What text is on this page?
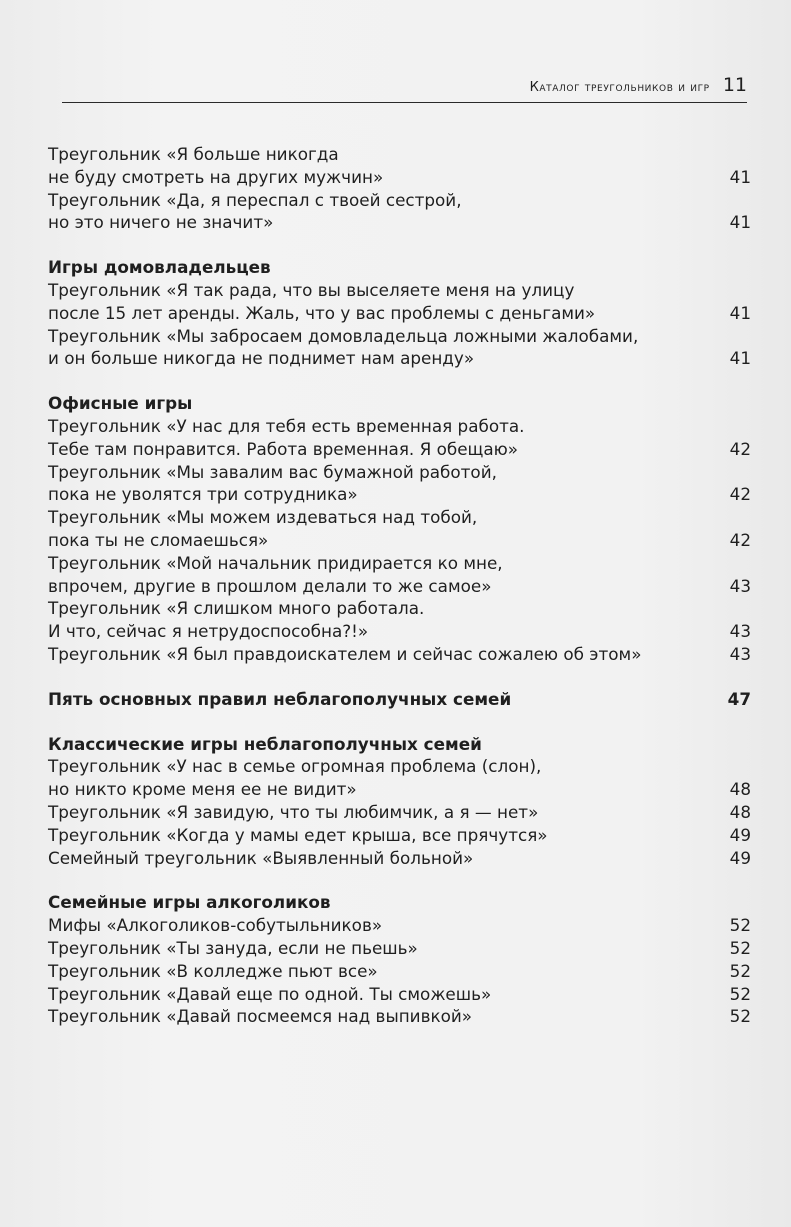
Каталог треугольников и игр 11
Треугольник «Я больше никогда
не буду смотреть на других мужчин»	41
Треугольник «Да, я переспал с твоей сестрой,
но это ничего не значит»	41
Игры домовладельцев
Треугольник «Я так рада, что вы выселяете меня на улицу
после 15 лет аренды. Жаль, что у вас проблемы с деньгами»	41
Треугольник «Мы забросаем домовладельца ложными жалобами,
и он больше никогда не поднимет нам аренду»	41
Офисные игры
Треугольник «У нас для тебя есть временная работа.
Тебе там понравится. Работа временная. Я обещаю»	42
Треугольник «Мы завалим вас бумажной работой,
пока не уволятся три сотрудника»	42
Треугольник «Мы можем издеваться над тобой,
пока ты не сломаешься»	42
Треугольник «Мой начальник придирается ко мне,
впрочем, другие в прошлом делали то же самое»	43
Треугольник «Я слишком много работала.
И что, сейчас я нетрудоспособна?!»	43
Треугольник «Я был правдоискателем и сейчас сожалею об этом»	43
Пять основных правил неблагополучных семей	47
Классические игры неблагополучных семей
Треугольник «У нас в семье огромная проблема (слон),
но никто кроме меня ее не видит»	48
Треугольник «Я завидую, что ты любимчик, а я — нет»	48
Треугольник «Когда у мамы едет крыша, все прячутся»	49
Семейный треугольник «Выявленный больной»	49
Семейные игры алкоголиков
Мифы «Алкоголиков-собутыльников»	52
Треугольник «Ты зануда, если не пьешь»	52
Треугольник «В колледже пьют все»	52
Треугольник «Давай еще по одной. Ты сможешь»	52
Треугольник «Давай посмеемся над выпивкой»	52
